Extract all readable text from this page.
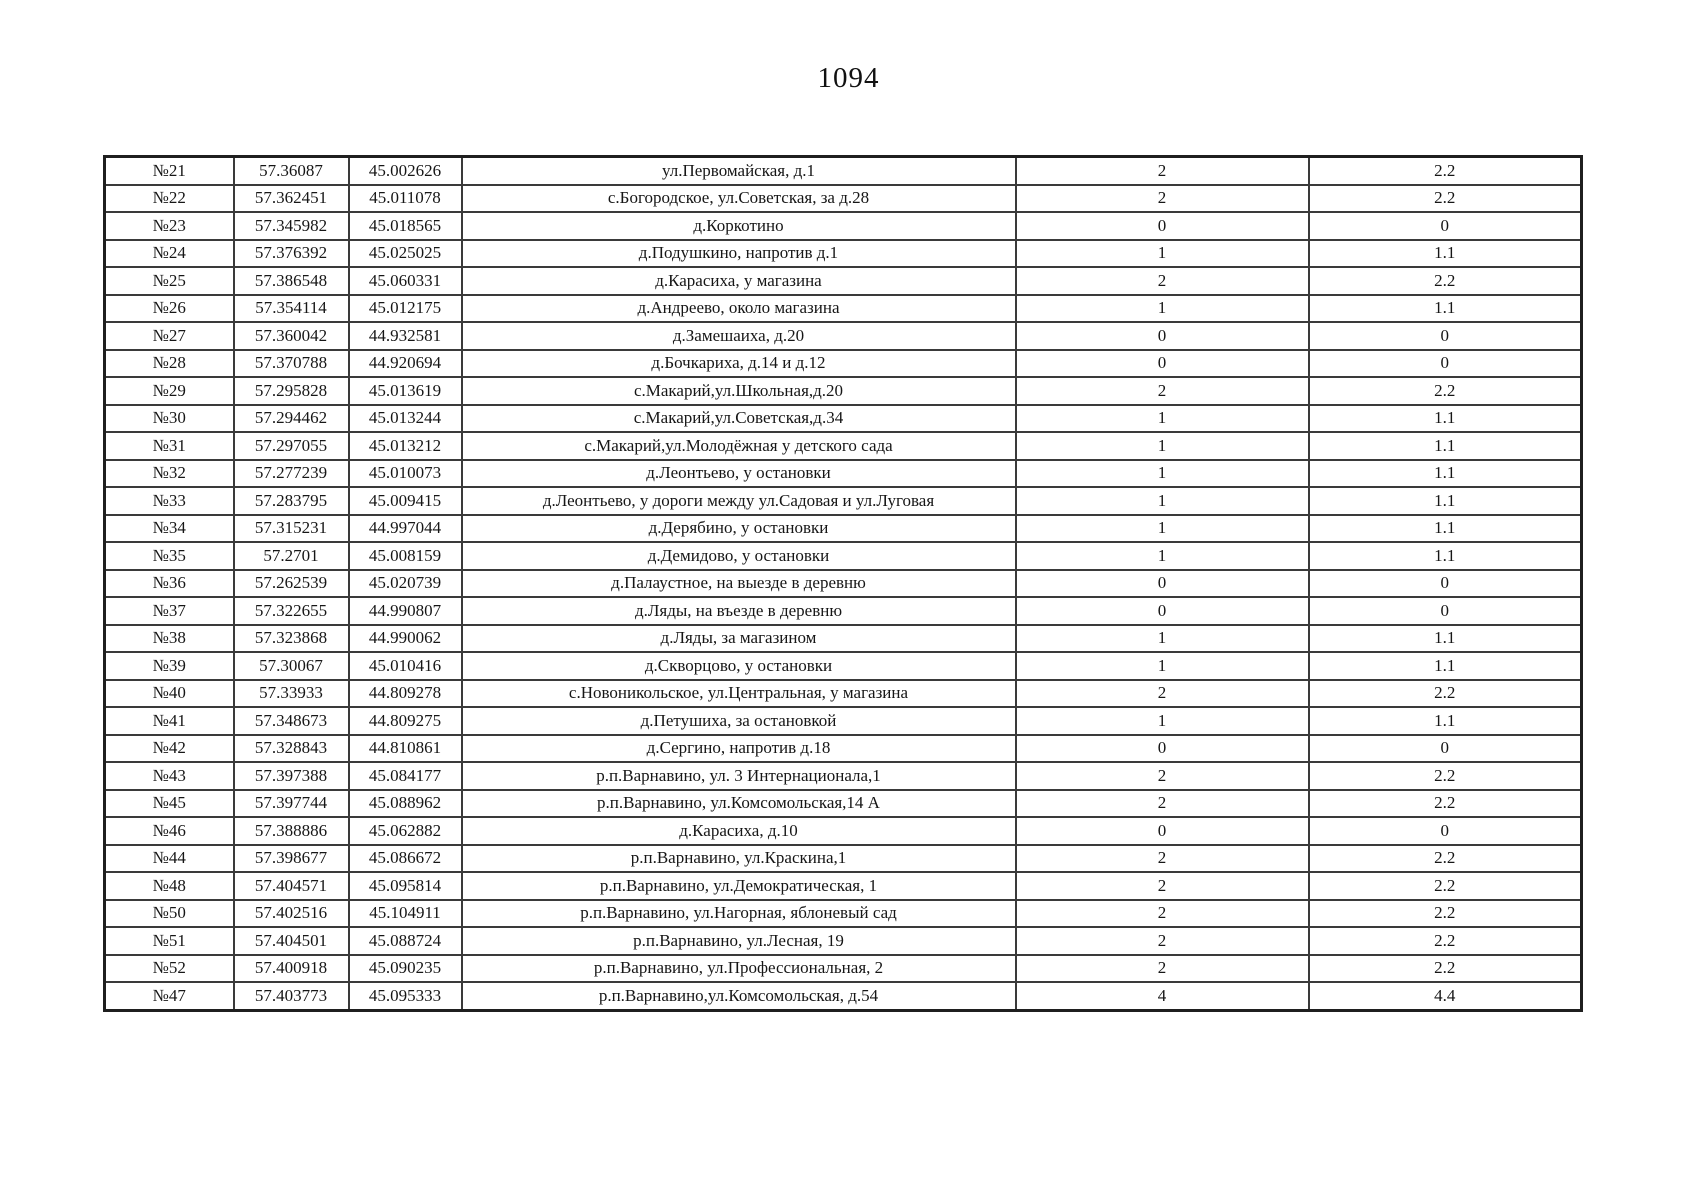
1094
№21	57.36087	45.002626	ул.Первомайская, д.1	2	2.2
№22	57.362451	45.011078	с.Богородское, ул.Советская, за д.28	2	2.2
№23	57.345982	45.018565	д.Коркотино	0	0
№24	57.376392	45.025025	д.Подушкино, напротив д.1	1	1.1
№25	57.386548	45.060331	д.Карасиха, у магазина	2	2.2
№26	57.354114	45.012175	д.Андреево, около магазина	1	1.1
№27	57.360042	44.932581	д.Замешаиха, д.20	0	0
№28	57.370788	44.920694	д.Бочкариха, д.14 и д.12	0	0
№29	57.295828	45.013619	с.Макарий,ул.Школьная,д.20	2	2.2
№30	57.294462	45.013244	с.Макарий,ул.Советская,д.34	1	1.1
№31	57.297055	45.013212	с.Макарий,ул.Молодёжная у детского сада	1	1.1
№32	57.277239	45.010073	д.Леонтьево, у остановки	1	1.1
№33	57.283795	45.009415	д.Леонтьево, у дороги между ул.Садовая и ул.Луговая	1	1.1
№34	57.315231	44.997044	д.Дерябино, у остановки	1	1.1
№35	57.2701	45.008159	д.Демидово, у остановки	1	1.1
№36	57.262539	45.020739	д.Палаустное, на выезде в деревню	0	0
№37	57.322655	44.990807	д.Ляды, на въезде в деревню	0	0
№38	57.323868	44.990062	д.Ляды, за магазином	1	1.1
№39	57.30067	45.010416	д.Скворцово, у остановки	1	1.1
№40	57.33933	44.809278	с.Новоникольское, ул.Центральная, у магазина	2	2.2
№41	57.348673	44.809275	д.Петушиха, за остановкой	1	1.1
№42	57.328843	44.810861	д.Сергино, напротив д.18	0	0
№43	57.397388	45.084177	р.п.Варнавино, ул. 3 Интернационала,1	2	2.2
№45	57.397744	45.088962	р.п.Варнавино, ул.Комсомольская,14 А	2	2.2
№46	57.388886	45.062882	д.Карасиха, д.10	0	0
№44	57.398677	45.086672	р.п.Варнавино, ул.Краскина,1	2	2.2
№48	57.404571	45.095814	р.п.Варнавино, ул.Демократическая, 1	2	2.2
№50	57.402516	45.104911	р.п.Варнавино, ул.Нагорная, яблоневый сад	2	2.2
№51	57.404501	45.088724	р.п.Варнавино, ул.Лесная, 19	2	2.2
№52	57.400918	45.090235	р.п.Варнавино, ул.Профессиональная, 2	2	2.2
№47	57.403773	45.095333	р.п.Варнавино,ул.Комсомольская, д.54	4	4.4
